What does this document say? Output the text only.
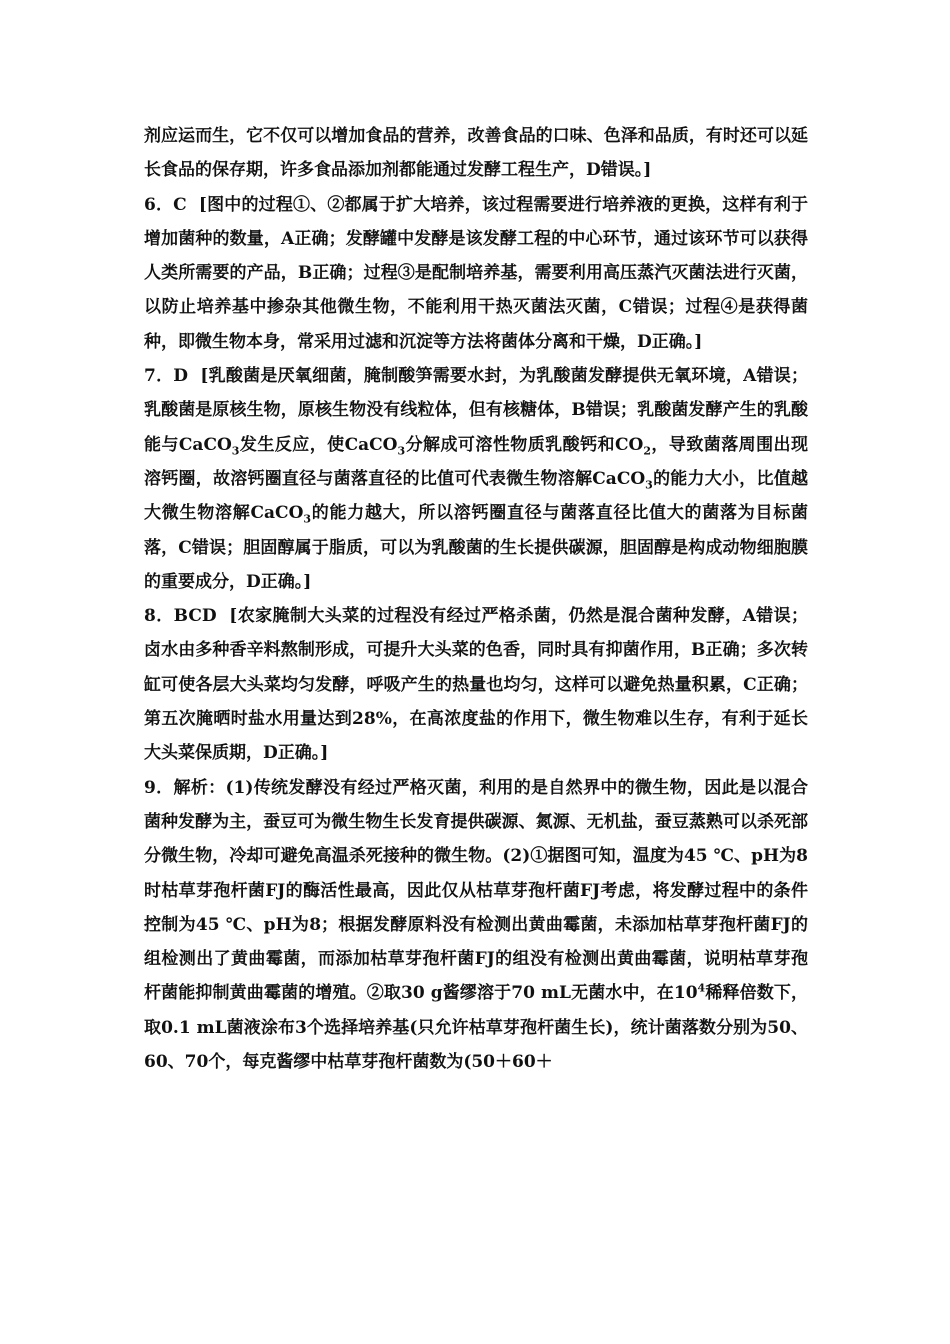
剂应运而生，它不仅可以增加食品的营养，改善食品的口味、色泽和品质，有时还可以延长食品的保存期，许多食品添加剂都能通过发酵工程生产，D错误。]

6．C [图中的过程①、②都属于扩大培养，该过程需要进行培养液的更换，这样有利于增加菌种的数量，A正确；发酵罐中发酵是该发酵工程的中心环节，通过该环节可以获得人类所需要的产品，B正确；过程③是配制培养基，需要利用高压蒸汽灭菌法进行灭菌，以防止培养基中掺杂其他微生物，不能利用干热灭菌法灭菌，C错误；过程④是获得菌种，即微生物本身，常采用过滤和沉淀等方法将菌体分离和干燥，D正确。]

7．D [乳酸菌是厌氧细菌，腌制酸笋需要水封，为乳酸菌发酵提供无氧环境，A错误；乳酸菌是原核生物，原核生物没有线粒体，但有核糖体，B错误；乳酸菌发酵产生的乳酸能与CaCO$_3$发生反应，使CaCO$_3$分解成可溶性物质乳酸钙和$CO_2$，导致菌落周围出现溶钙圈，故溶钙圈直径与菌落直径的比值可代表微生物溶解CaCO$_3$的能力大小，比值越大微生物溶解CaCO$_3$的能力越大，所以溶钙圈直径与菌落直径比值大的菌落为目标菌落，C错误；胆固醇属于脂质，可以为乳酸菌的生长提供碳源，胆固醇是构成动物细胞膜的重要成分，D正确。]

8．BCD [农家腌制大头菜的过程没有经过严格杀菌，仍然是混合菌种发酵，A错误；卤水由多种香辛料熬制形成，可提升大头菜的色香，同时具有抑菌作用，B正确；多次转缸可使各层大头菜均匀发酵，呼吸产生的热量也均匀，这样可以避免热量积累，C正确；第五次腌晒时盐水用量达到28%，在高浓度盐的作用下，微生物难以生存，有利于延长大头菜保质期，D正确。]

9．解析：(1)传统发酵没有经过严格灭菌，利用的是自然界中的微生物，因此是以混合菌种发酵为主，蚕豆可为微生物生长发育提供碳源、氮源、无机盐，蚕豆蒸熟可以杀死部分微生物，冷却可避免高温杀死接种的微生物。(2)①据图可知，温度为45 ℃、pH为8时枯草芽孢杆菌FJ的酶活性最高，因此仅从枯草芽孢杆菌FJ考虑，将发酵过程中的条件控制为45 ℃、pH为8；根据发酵原料没有检测出黄曲霉菌，未添加枯草芽孢杆菌FJ的组检测出了黄曲霉菌，而添加枯草芽孢杆菌FJ的组没有检测出黄曲霉菌，说明枯草芽孢杆菌能抑制黄曲霉菌的增殖。②取30 g酱缪溶于70 mL无菌水中，在$10^4$稀释倍数下，取0.1 mL菌液涂布3个选择培养基(只允许枯草芽孢杆菌生长)，统计菌落数分别为50、60、70个，每克酱缪中枯草芽孢杆菌数为(50＋60＋
